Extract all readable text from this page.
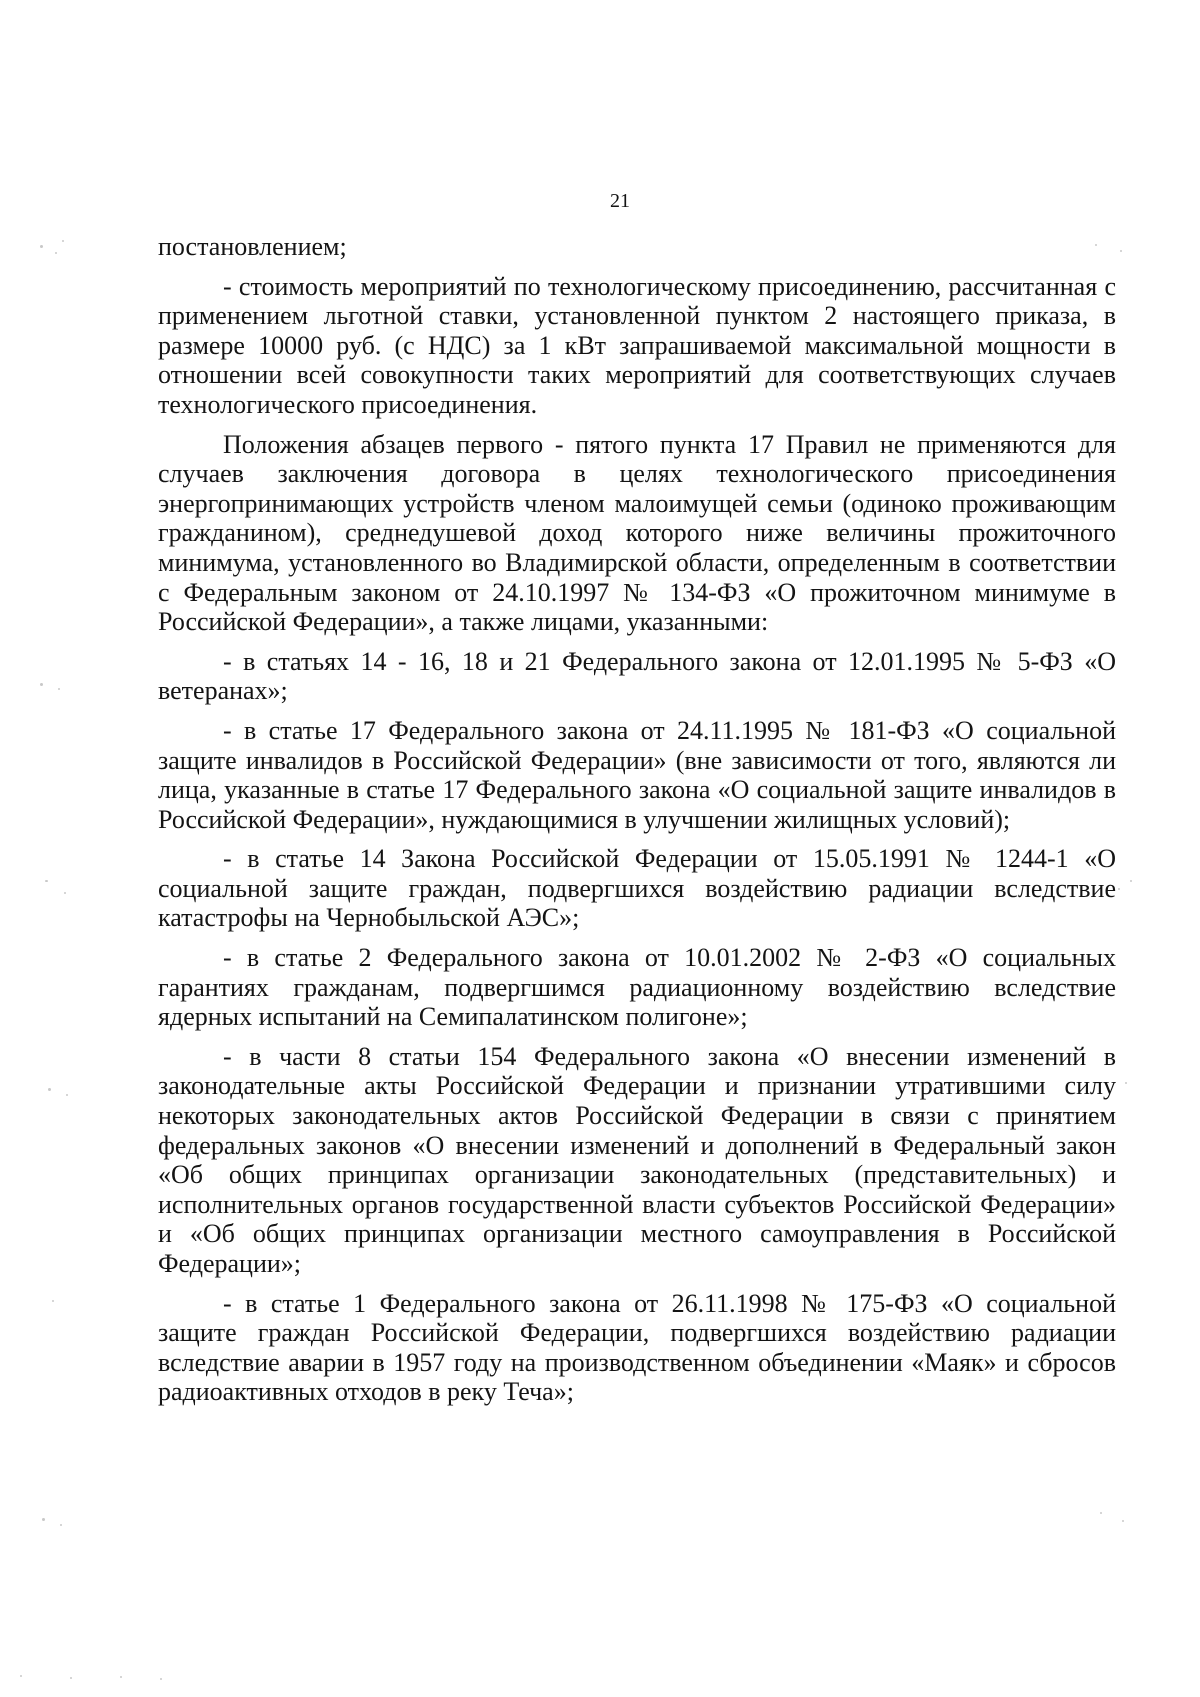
21

постановлением;

- стоимость мероприятий по технологическому присоединению, рассчитанная с применением льготной ставки, установленной пунктом 2 настоящего приказа, в размере 10000 руб. (с НДС) за 1 кВт запрашиваемой максимальной мощности в отношении всей совокупности таких мероприятий для соответствующих случаев технологического присоединения.

Положения абзацев первого - пятого пункта 17 Правил не применяются для случаев заключения договора в целях технологического присоединения энергопринимающих устройств членом малоимущей семьи (одиноко проживающим гражданином), среднедушевой доход которого ниже величины прожиточного минимума, установленного во Владимирской области, определенным в соответствии с Федеральным законом от 24.10.1997 № 134-ФЗ «О прожиточном минимуме в Российской Федерации», а также лицами, указанными:

- в статьях 14 - 16, 18 и 21 Федерального закона от 12.01.1995 № 5-ФЗ «О ветеранах»;

- в статье 17 Федерального закона от 24.11.1995 № 181-ФЗ «О социальной защите инвалидов в Российской Федерации» (вне зависимости от того, являются ли лица, указанные в статье 17 Федерального закона «О социальной защите инвалидов в Российской Федерации», нуждающимися в улучшении жилищных условий);

- в статье 14 Закона Российской Федерации от 15.05.1991 № 1244-1 «О социальной защите граждан, подвергшихся воздействию радиации вследствие катастрофы на Чернобыльской АЭС»;

- в статье 2 Федерального закона от 10.01.2002 № 2-ФЗ «О социальных гарантиях гражданам, подвергшимся радиационному воздействию вследствие ядерных испытаний на Семипалатинском полигоне»;

- в части 8 статьи 154 Федерального закона «О внесении изменений в законодательные акты Российской Федерации и признании утратившими силу некоторых законодательных актов Российской Федерации в связи с принятием федеральных законов «О внесении изменений и дополнений в Федеральный закон «Об общих принципах организации законодательных (представительных) и исполнительных органов государственной власти субъектов Российской Федерации» и «Об общих принципах организации местного самоуправления в Российской Федерации»;

- в статье 1 Федерального закона от 26.11.1998 № 175-ФЗ «О социальной защите граждан Российской Федерации, подвергшихся воздействию радиации вследствие аварии в 1957 году на производственном объединении «Маяк» и сбросов радиоактивных отходов в реку Теча»;
